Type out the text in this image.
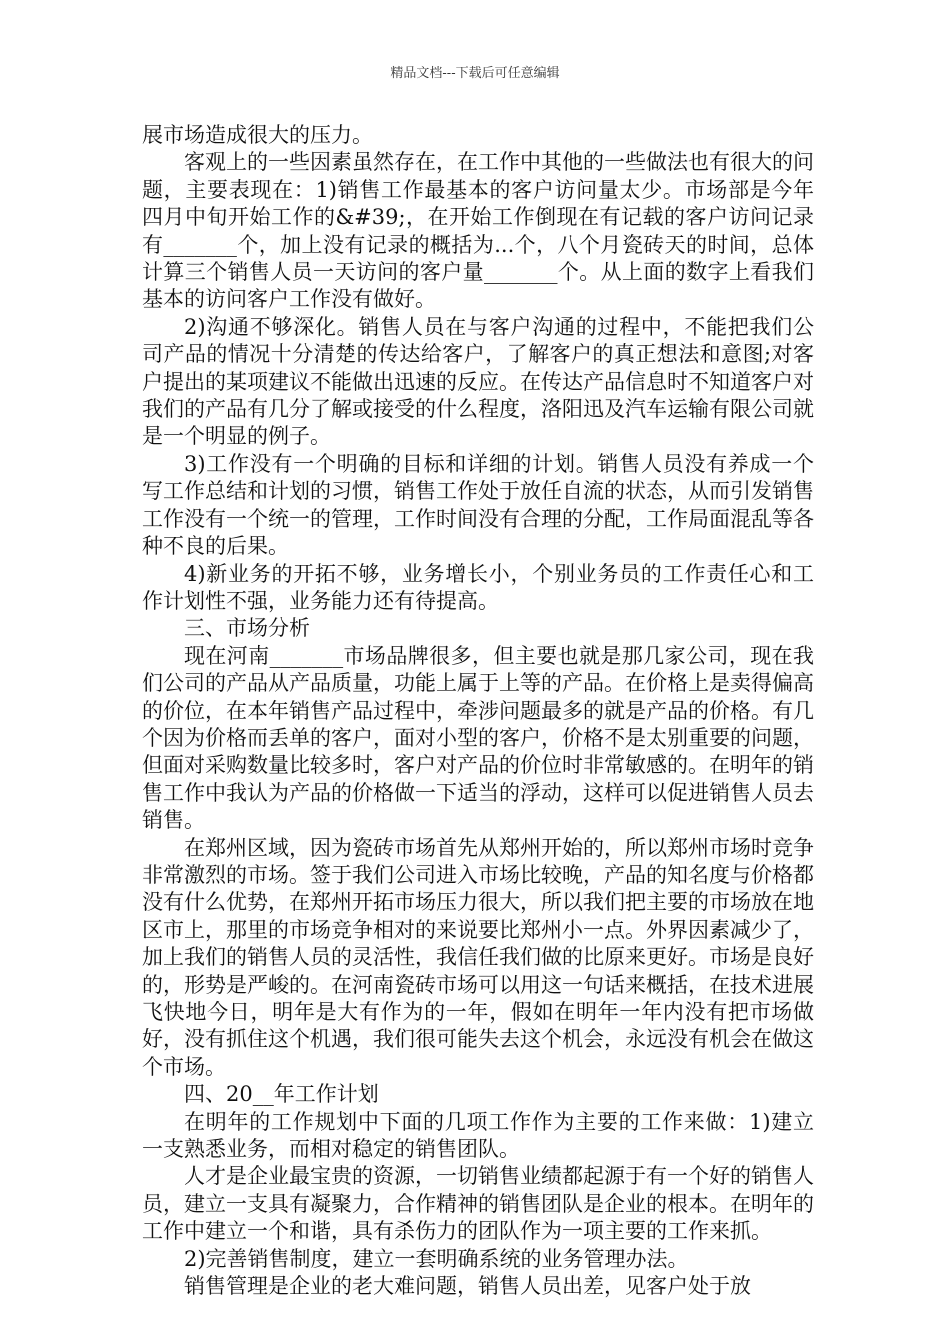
精品文档---下载后可任意编辑

展市场造成很大的压力。

客观上的一些因素虽然存在，在工作中其他的一些做法也有很大的问题，主要表现在：1)销售工作最基本的客户访问量太少。市场部是今年四月中旬开始工作的&#39;，在开始工作倒现在有记载的客户访问记录有_______个，加上没有记录的概括为...个，八个月瓷砖天的时间，总体计算三个销售人员一天访问的客户量_______个。从上面的数字上看我们基本的访问客户工作没有做好。

2)沟通不够深化。销售人员在与客户沟通的过程中，不能把我们公司产品的情况十分清楚的传达给客户，了解客户的真正想法和意图;对客户提出的某项建议不能做出迅速的反应。在传达产品信息时不知道客户对我们的产品有几分了解或接受的什么程度，洛阳迅及汽车运输有限公司就是一个明显的例子。

3)工作没有一个明确的目标和详细的计划。销售人员没有养成一个写工作总结和计划的习惯，销售工作处于放任自流的状态，从而引发销售工作没有一个统一的管理，工作时间没有合理的分配，工作局面混乱等各种不良的后果。

4)新业务的开拓不够，业务增长小，个别业务员的工作责任心和工作计划性不强，业务能力还有待提高。

三、市场分析

现在河南_______市场品牌很多，但主要也就是那几家公司，现在我们公司的产品从产品质量，功能上属于上等的产品。在价格上是卖得偏高的价位，在本年销售产品过程中，牵涉问题最多的就是产品的价格。有几个因为价格而丢单的客户，面对小型的客户，价格不是太别重要的问题，但面对采购数量比较多时，客户对产品的价位时非常敏感的。在明年的销售工作中我认为产品的价格做一下适当的浮动，这样可以促进销售人员去销售。

在郑州区域，因为瓷砖市场首先从郑州开始的，所以郑州市场时竞争非常激烈的市场。签于我们公司进入市场比较晚，产品的知名度与价格都没有什么优势，在郑州开拓市场压力很大，所以我们把主要的市场放在地区市上，那里的市场竞争相对的来说要比郑州小一点。外界因素减少了，加上我们的销售人员的灵活性，我信任我们做的比原来更好。市场是良好的，形势是严峻的。在河南瓷砖市场可以用这一句话来概括，在技术进展飞快地今日，明年是大有作为的一年，假如在明年一年内没有把市场做好，没有抓住这个机遇，我们很可能失去这个机会，永远没有机会在做这个市场。

四、20__年工作计划

在明年的工作规划中下面的几项工作作为主要的工作来做：1)建立一支熟悉业务，而相对稳定的销售团队。

人才是企业最宝贵的资源，一切销售业绩都起源于有一个好的销售人员，建立一支具有凝聚力，合作精神的销售团队是企业的根本。在明年的工作中建立一个和谐，具有杀伤力的团队作为一项主要的工作来抓。

2)完善销售制度，建立一套明确系统的业务管理办法。

销售管理是企业的老大难问题，销售人员出差，见客户处于放
